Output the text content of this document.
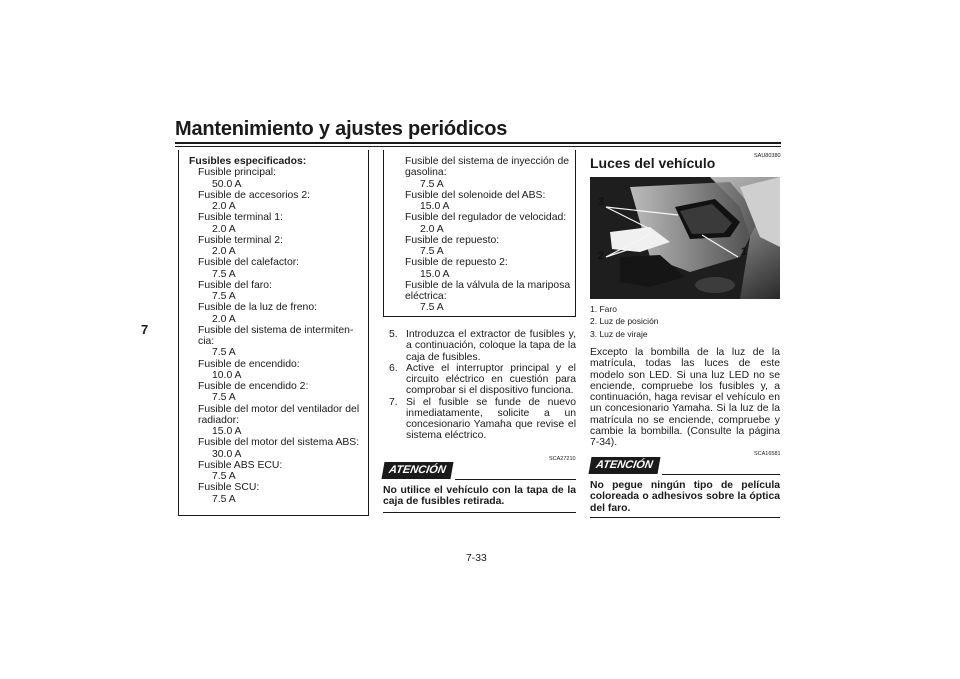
Mantenimiento y ajustes periódicos
7
Fusibles especificados:
Fusible principal:
50.0 A
Fusible de accesorios 2:
2.0 A
Fusible terminal 1:
2.0 A
Fusible terminal 2:
2.0 A
Fusible del calefactor:
7.5 A
Fusible del faro:
7.5 A
Fusible de la luz de freno:
2.0 A
Fusible del sistema de intermiten-
cia:
7.5 A
Fusible de encendido:
10.0 A
Fusible de encendido 2:
7.5 A
Fusible del motor del ventilador del
radiador:
15.0 A
Fusible del motor del sistema ABS:
30.0 A
Fusible ABS ECU:
7.5 A
Fusible SCU:
7.5 A
Fusible del sistema de inyección de
gasolina:
7.5 A
Fusible del solenoide del ABS:
15.0 A
Fusible del regulador de velocidad:
2.0 A
Fusible de repuesto:
7.5 A
Fusible de repuesto 2:
15.0 A
Fusible de la válvula de la mariposa
eléctrica:
7.5 A
5. Introduzca el extractor de fusibles y, a continuación, coloque la tapa de la caja de fusibles.
6. Active el interruptor principal y el circuito eléctrico en cuestión para comprobar si el dispositivo funciona.
7. Si el fusible se funde de nuevo inmediatamente, solicite a un concesionario Yamaha que revise el sistema eléctrico.
ATENCIÓN
SCA27210
No utilice el vehículo con la tapa de la caja de fusibles retirada.
SAU80380
Luces del vehículo
3
2	1
1. Faro
2. Luz de posición
3. Luz de viraje
Excepto la bombilla de la luz de la matrícula, todas las luces de este modelo son LED. Si una luz LED no se enciende, compruebe los fusibles y, a continuación, haga revisar el vehículo en un concesionario Yamaha. Si la luz de la matrícula no se enciende, compruebe y cambie la bombilla. (Consulte la página 7-34).
SCA16581
ATENCIÓN
No pegue ningún tipo de película coloreada o adhesivos sobre la óptica del faro.
7-33
